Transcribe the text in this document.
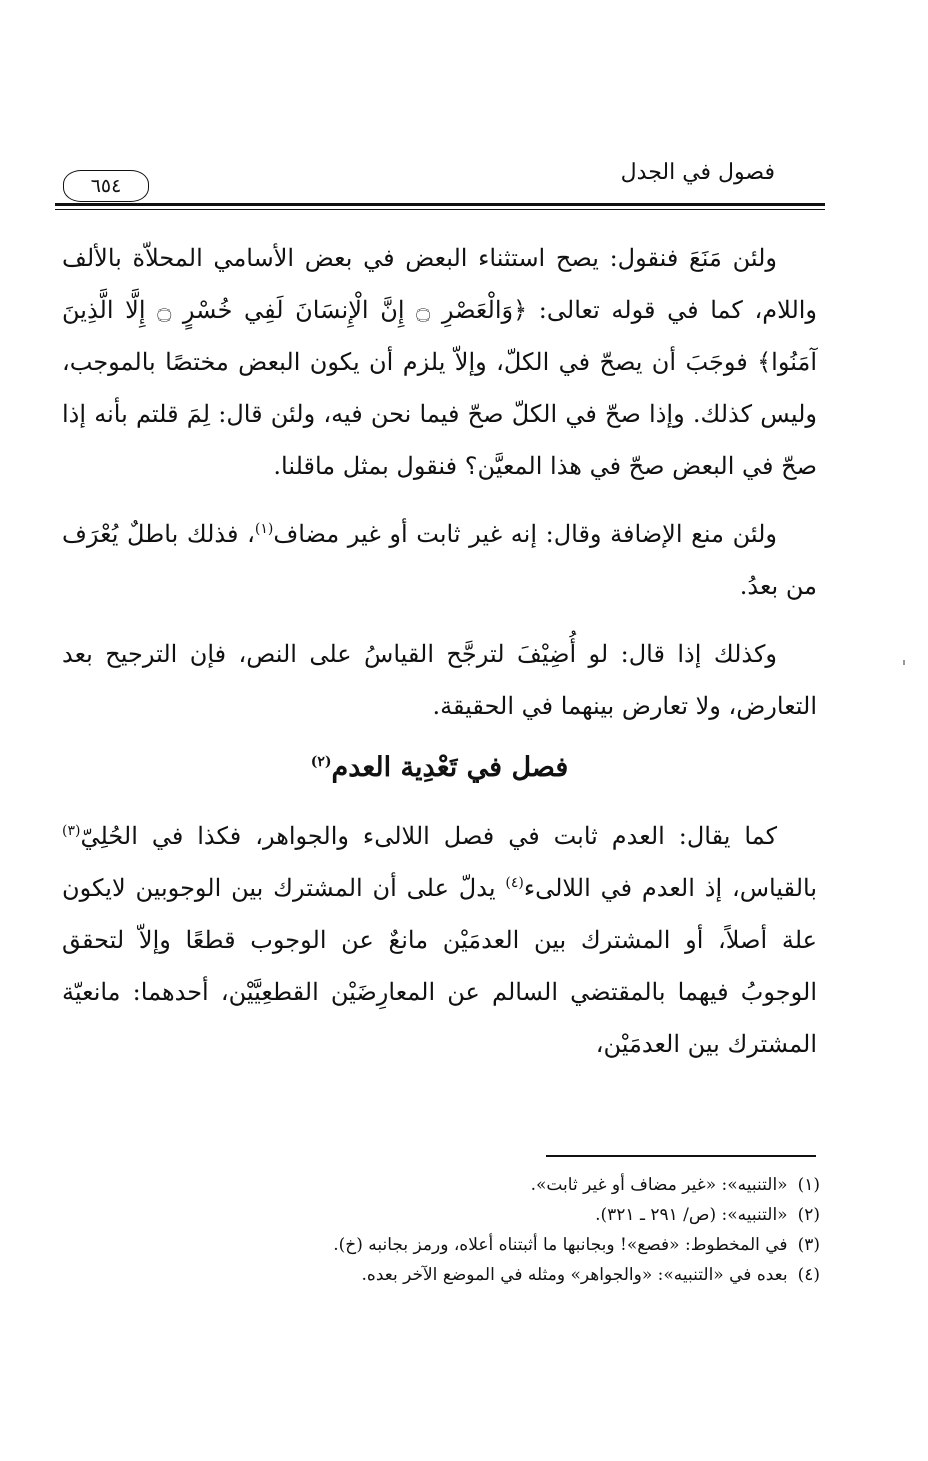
فصول في الجدل
٦٥٤

ولئن مَنَعَ فنقول: يصح استثناء البعض في بعض الأسامي المحلاّة بالألف واللام، كما في قوله تعالى: ﴿وَالْعَصْرِ ۝ إِنَّ الْإِنسَانَ لَفِي خُسْرٍ ۝ إِلَّا الَّذِينَ آمَنُوا﴾ فوجَبَ أن يصحّ في الكلّ، وإلاّ يلزم أن يكون البعض مختصًا بالموجب، وليس كذلك. وإذا صحّ في الكلّ صحّ فيما نحن فيه، ولئن قال: لِمَ قلتم بأنه إذا صحّ في البعض صحّ في هذا المعيَّن؟ فنقول بمثل ماقلنا.

ولئن منع الإضافة وقال: إنه غير ثابت أو غير مضاف$^{(١)}$، فذلك باطلٌ يُعْرَف من بعدُ.

وكذلك إذا قال: لو أُضِيْفَ لترجَّح القياسُ على النص، فإن الترجيح بعد التعارض، ولا تعارض بينهما في الحقيقة.

فصل في تَعْدِية العدم$^{(٢)}$

كما يقال: العدم ثابت في فصل اللالىء والجواهر، فكذا في الحُلِيّ$^{(٣)}$ بالقياس، إذ العدم في اللالىء$^{(٤)}$ يدلّ على أن المشترك بين الوجوبين لايكون علة أصلاً، أو المشترك بين العدمَيْن مانعٌ عن الوجوب قطعًا وإلاّ لتحقق الوجوبُ فيهما بالمقتضي السالم عن المعارِضَيْن القطعِيَّيْن، أحدهما: مانعيّة المشترك بين العدمَيْن،

(١)«التنبيه»: «غير مضاف أو غير ثابت».

(٢)«التنبيه»: (ص/ ٢٩١ ـ ٣٢١).

(٣)في المخطوط: «فصع»! وبجانبها ما أثبتناه أعلاه، ورمز بجانبه (خ).

(٤)بعده في «التنبيه»: «والجواهر» ومثله في الموضع الآخر بعده.
